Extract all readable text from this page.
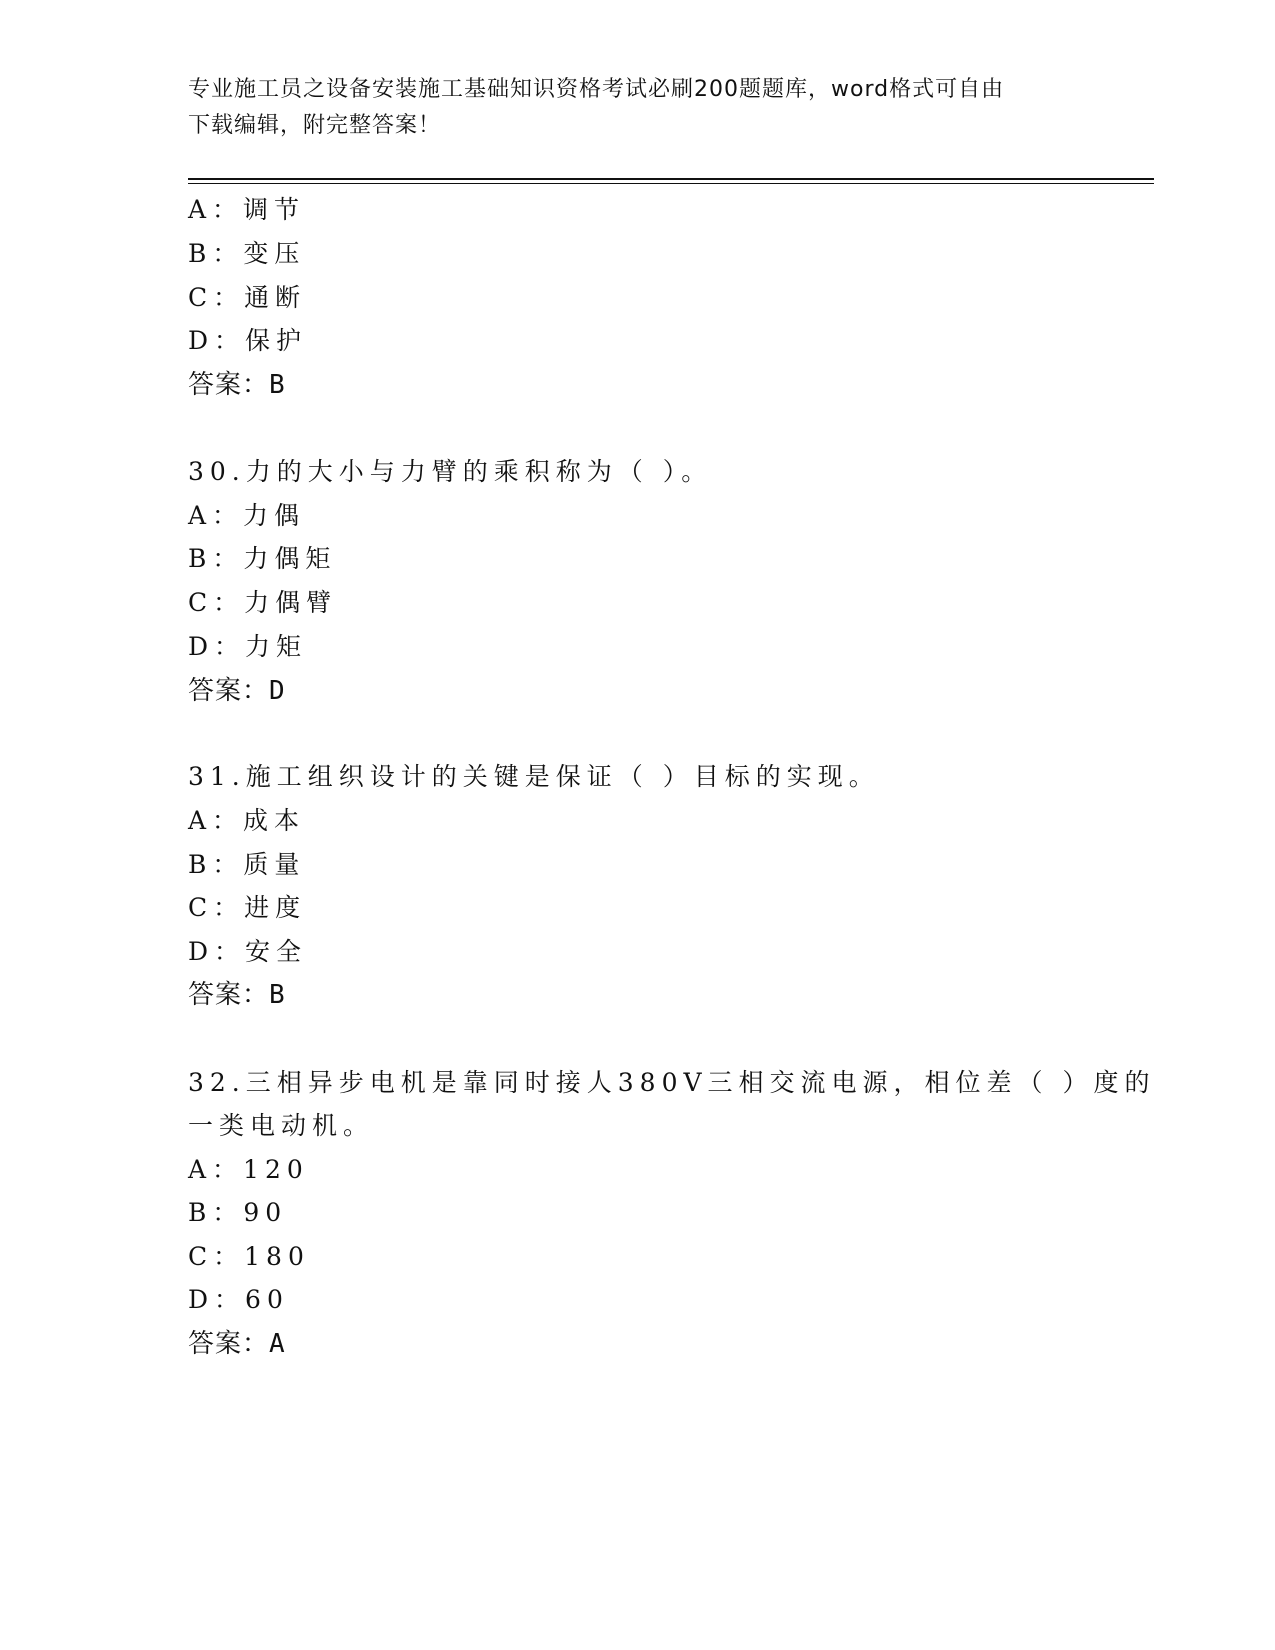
专业施工员之设备安装施工基础知识资格考试必刷200题题库，word格式可自由
下载编辑，附完整答案！
A：调节
B：变压
C：通断
D：保护
答案：B
30.力的大小与力臂的乘积称为（ ）。
A：力偶
B：力偶矩
C：力偶臂
D：力矩
答案：D
31.施工组织设计的关键是保证（ ）目标的实现。
A：成本
B：质量
C：进度
D：安全
答案：B
32.三相异步电机是靠同时接人380V三相交流电源，相位差（ ）度的
一类电动机。
A：120
B：90
C：180
D：60
答案：A
